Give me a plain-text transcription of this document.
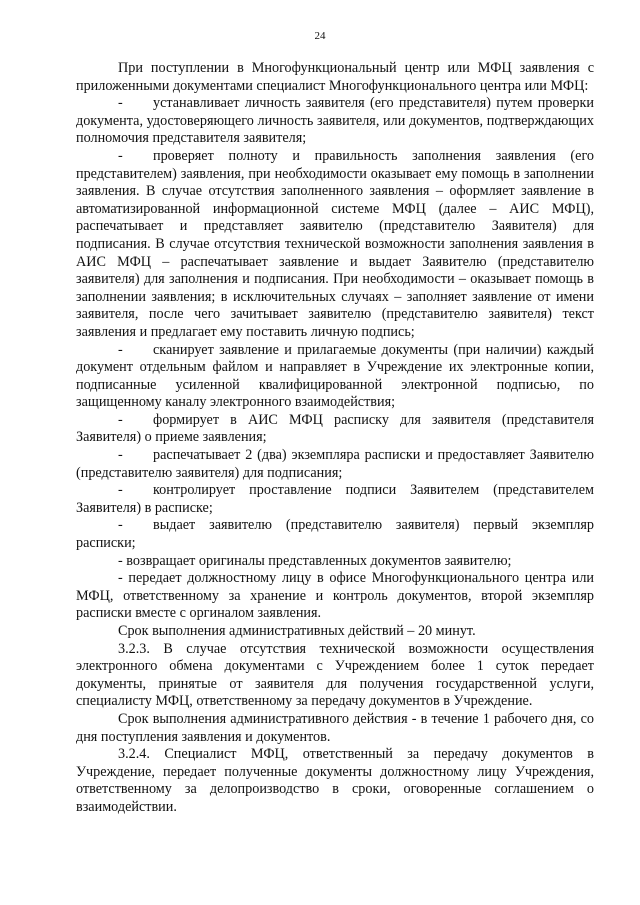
24

При поступлении в Многофункциональный центр или МФЦ заявления с приложенными документами специалист Многофункционального центра или МФЦ:

- устанавливает личность заявителя (его представителя) путем проверки документа, удостоверяющего личность заявителя, или документов, подтверждающих полномочия представителя заявителя;

- проверяет полноту и правильность заполнения заявления (его представителем) заявления, при необходимости оказывает ему помощь в заполнении заявления. В случае отсутствия заполненного заявления – оформляет заявление в автоматизированной информационной системе МФЦ (далее – АИС МФЦ), распечатывает и представляет заявителю (представителю Заявителя) для подписания. В случае отсутствия технической возможности заполнения заявления в АИС МФЦ – распечатывает заявление и выдает Заявителю (представителю заявителя) для заполнения и подписания. При необходимости – оказывает помощь в заполнении заявления; в исключительных случаях – заполняет заявление от имени заявителя, после чего зачитывает заявителю (представителю заявителя) текст заявления и предлагает ему поставить личную подпись;

- сканирует заявление и прилагаемые документы (при наличии) каждый документ отдельным файлом и направляет в Учреждение их электронные копии, подписанные усиленной квалифицированной электронной подписью, по защищенному каналу электронного взаимодействия;

- формирует в АИС МФЦ расписку для заявителя (представителя Заявителя) о приеме заявления;

- распечатывает 2 (два) экземпляра расписки и предоставляет Заявителю (представителю заявителя) для подписания;

- контролирует проставление подписи Заявителем (представителем Заявителя) в расписке;

- выдает заявителю (представителю заявителя) первый экземпляр расписки;

- возвращает оригиналы представленных документов заявителю;

- передает должностному лицу в офисе Многофункционального центра или МФЦ, ответственному за хранение и контроль документов, второй экземпляр расписки вместе с оргиналом заявления.

Срок выполнения административных действий – 20 минут.

3.2.3. В случае отсутствия технической возможности осуществления электронного обмена документами с Учреждением более 1 суток передает документы, принятые от заявителя для получения государственной услуги, специалисту МФЦ, ответственному за передачу документов в Учреждение.

Срок выполнения административного действия - в течение 1 рабочего дня, со дня поступления заявления и документов.

3.2.4. Специалист МФЦ, ответственный за передачу документов в Учреждение, передает полученные документы должностному лицу Учреждения, ответственному за делопроизводство в сроки, оговоренные соглашением о взаимодействии.
